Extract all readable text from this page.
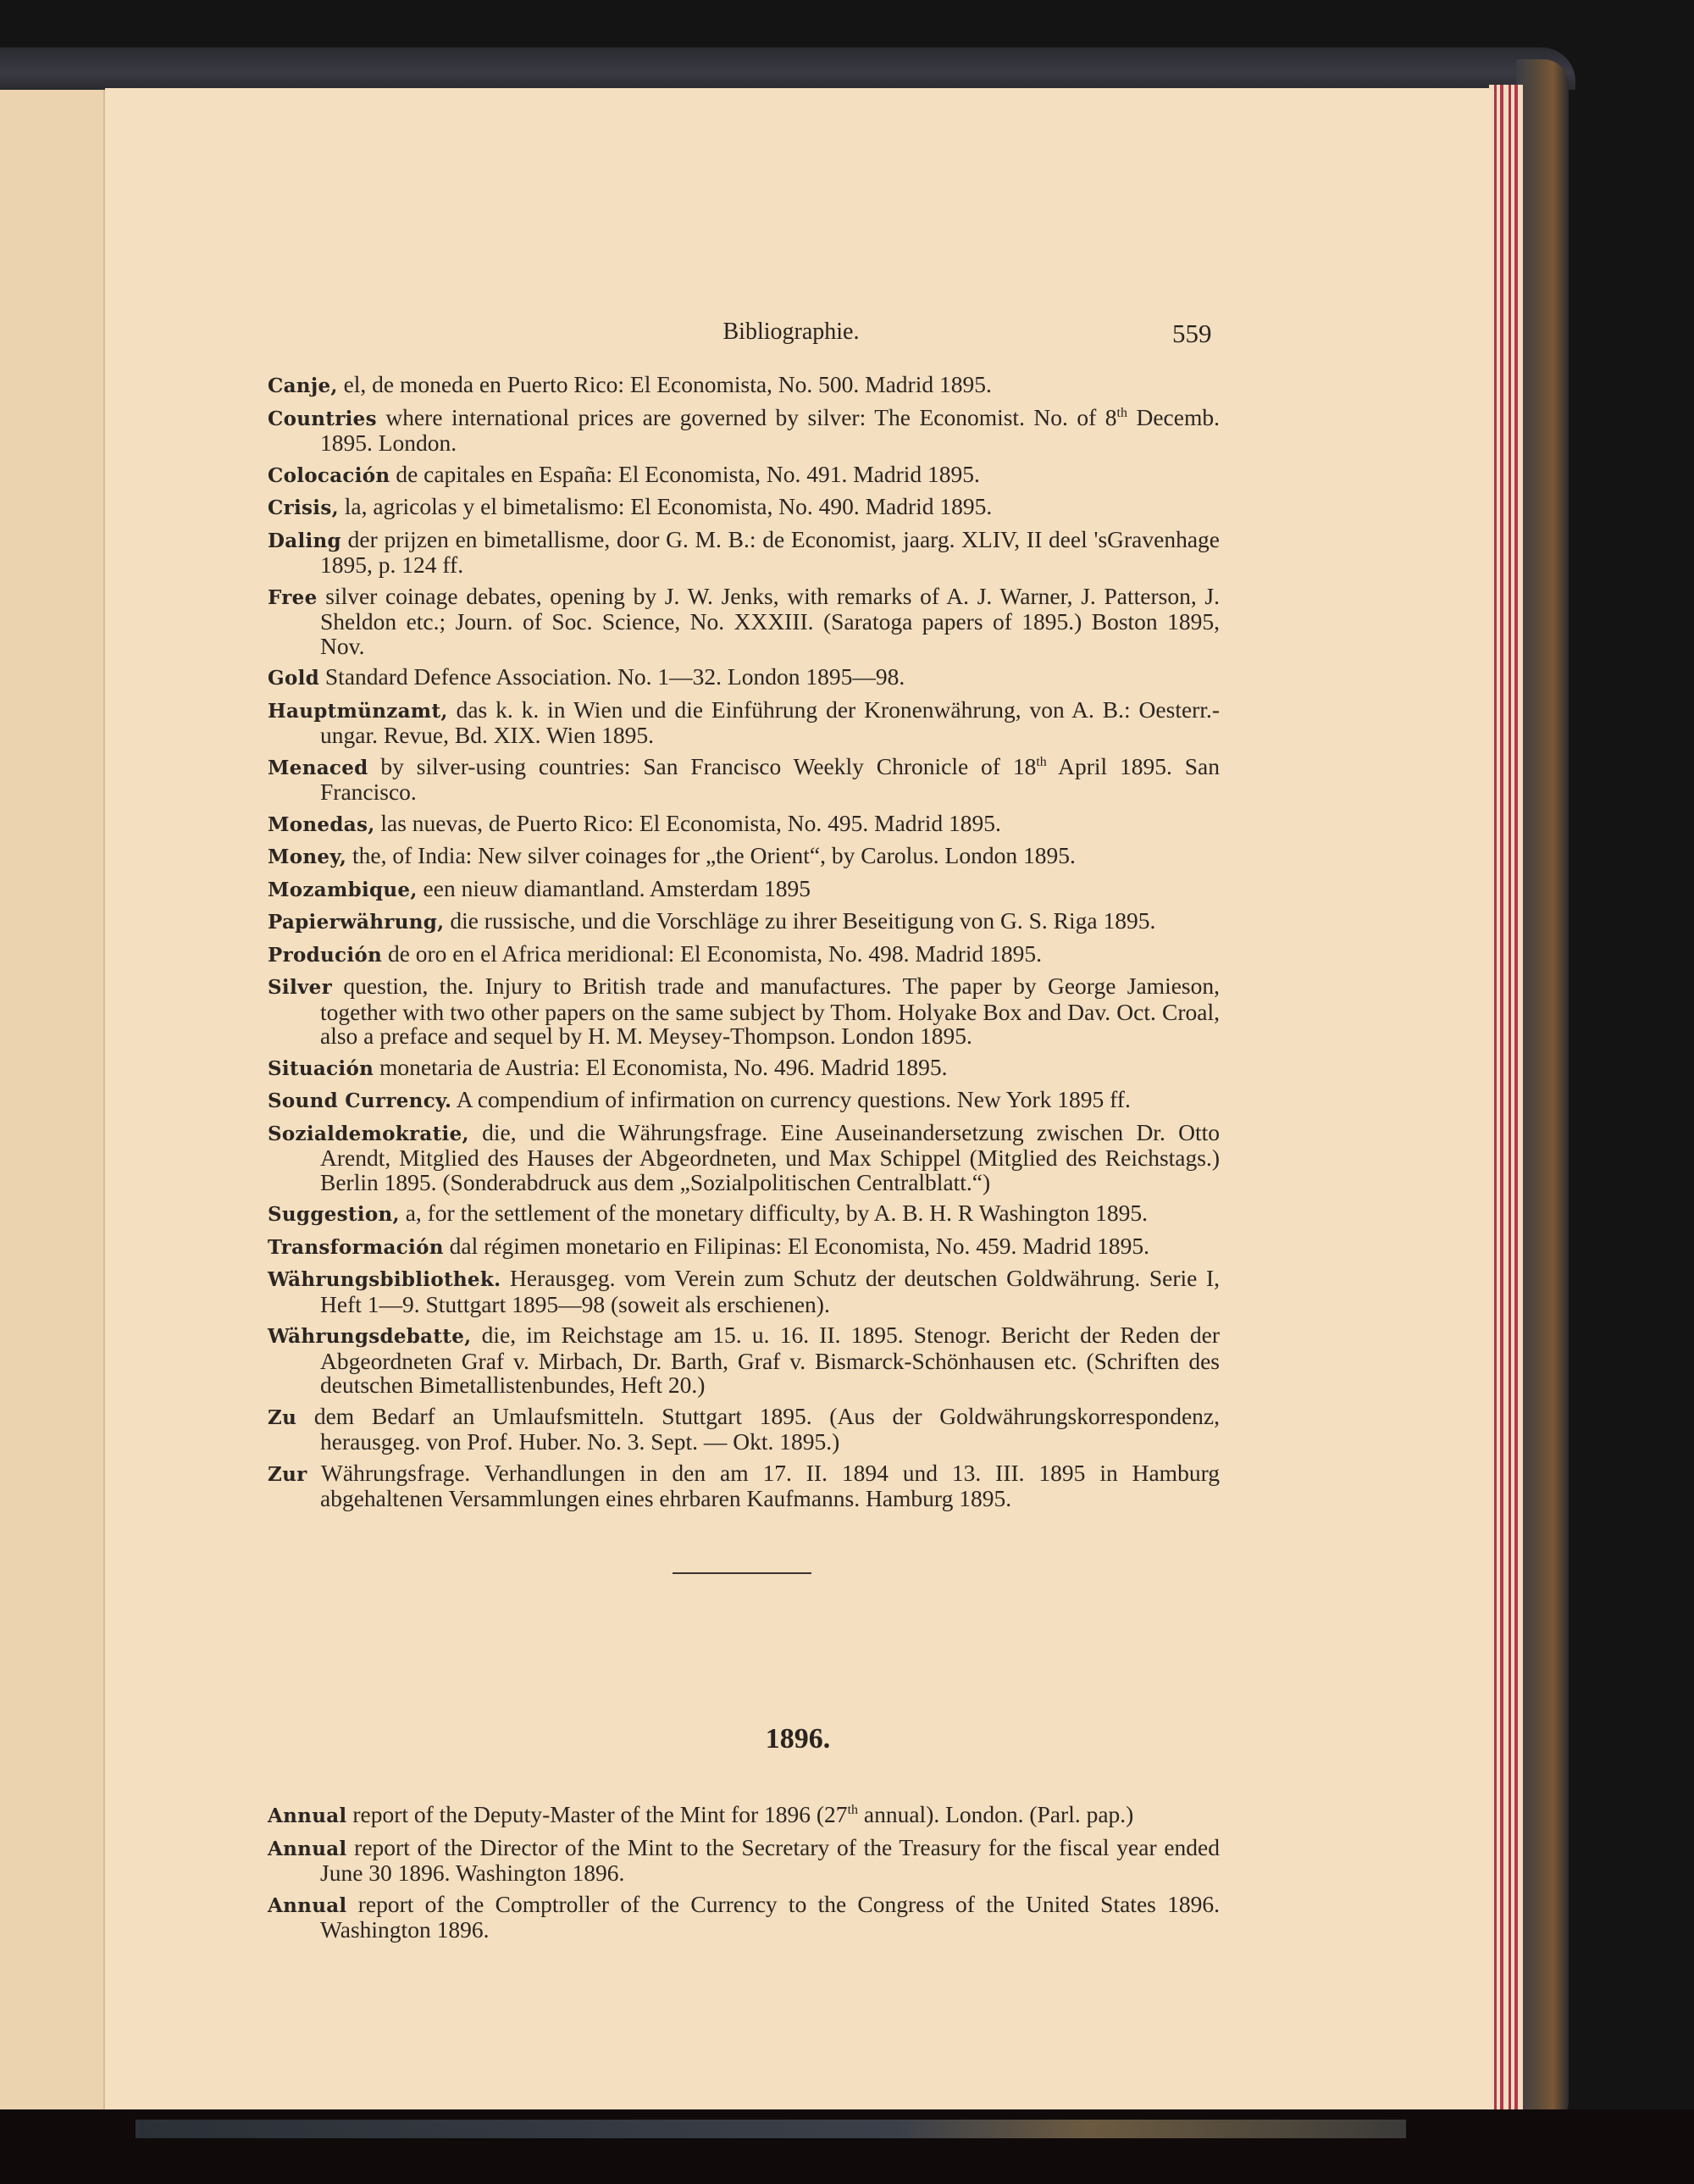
Bibliographie.	559
Canje, el, de moneda en Puerto Rico: El Economista, No. 500. Madrid 1895.
Countries where international prices are governed by silver: The Economist. No. of 8th Decemb. 1895. London.
Colocación de capitales en España: El Economista, No. 491. Madrid 1895.
Crisis, la, agricolas y el bimetalismo: El Economista, No. 490. Madrid 1895.
Daling der prijzen en bimetallisme, door G. M. B.: de Economist, jaarg. XLIV, II deel 'sGravenhage 1895, p. 124 ff.
Free silver coinage debates, opening by J. W. Jenks, with remarks of A. J. Warner, J. Patterson, J. Sheldon etc.; Journ. of Soc. Science, No. XXXIII. (Saratoga papers of 1895.) Boston 1895, Nov.
Gold Standard Defence Association. No. 1—32. London 1895—98.
Hauptmünzamt, das k. k. in Wien und die Einführung der Kronenwährung, von A. B.: Oesterr.-ungar. Revue, Bd. XIX. Wien 1895.
Menaced by silver-using countries: San Francisco Weekly Chronicle of 18th April 1895. San Francisco.
Monedas, las nuevas, de Puerto Rico: El Economista, No. 495. Madrid 1895.
Money, the, of India: New silver coinages for „the Orient“, by Carolus. London 1895.
Mozambique, een nieuw diamantland. Amsterdam 1895
Papierwährung, die russische, und die Vorschläge zu ihrer Beseitigung von G. S. Riga 1895.
Produción de oro en el Africa meridional: El Economista, No. 498. Madrid 1895.
Silver question, the. Injury to British trade and manufactures. The paper by George Jamieson, together with two other papers on the same subject by Thom. Holyake Box and Dav. Oct. Croal, also a preface and sequel by H. M. Meysey-Thompson. London 1895.
Situación monetaria de Austria: El Economista, No. 496. Madrid 1895.
Sound Currency. A compendium of infirmation on currency questions. New York 1895 ff.
Sozialdemokratie, die, und die Währungsfrage. Eine Auseinandersetzung zwischen Dr. Otto Arendt, Mitglied des Hauses der Abgeordneten, und Max Schippel (Mitglied des Reichstags.) Berlin 1895. (Sonderabdruck aus dem „Sozialpolitischen Centralblatt.“)
Suggestion, a, for the settlement of the monetary difficulty, by A. B. H. R Washington 1895.
Transformación dal régimen monetario en Filipinas: El Economista, No. 459. Madrid 1895.
Währungsbibliothek. Herausgeg. vom Verein zum Schutz der deutschen Goldwährung. Serie I, Heft 1—9. Stuttgart 1895—98 (soweit als erschienen).
Währungsdebatte, die, im Reichstage am 15. u. 16. II. 1895. Stenogr. Bericht der Reden der Abgeordneten Graf v. Mirbach, Dr. Barth, Graf v. Bismarck-Schönhausen etc. (Schriften des deutschen Bimetallistenbundes, Heft 20.)
Zu dem Bedarf an Umlaufsmitteln. Stuttgart 1895. (Aus der Goldwährungskorrespondenz, herausgeg. von Prof. Huber. No. 3. Sept. — Okt. 1895.)
Zur Währungsfrage. Verhandlungen in den am 17. II. 1894 und 13. III. 1895 in Hamburg abgehaltenen Versammlungen eines ehrbaren Kaufmanns. Hamburg 1895.
1896.
Annual report of the Deputy-Master of the Mint for 1896 (27th annual). London. (Parl. pap.)
Annual report of the Director of the Mint to the Secretary of the Treasury for the fiscal year ended June 30 1896. Washington 1896.
Annual report of the Comptroller of the Currency to the Congress of the United States 1896. Washington 1896.
